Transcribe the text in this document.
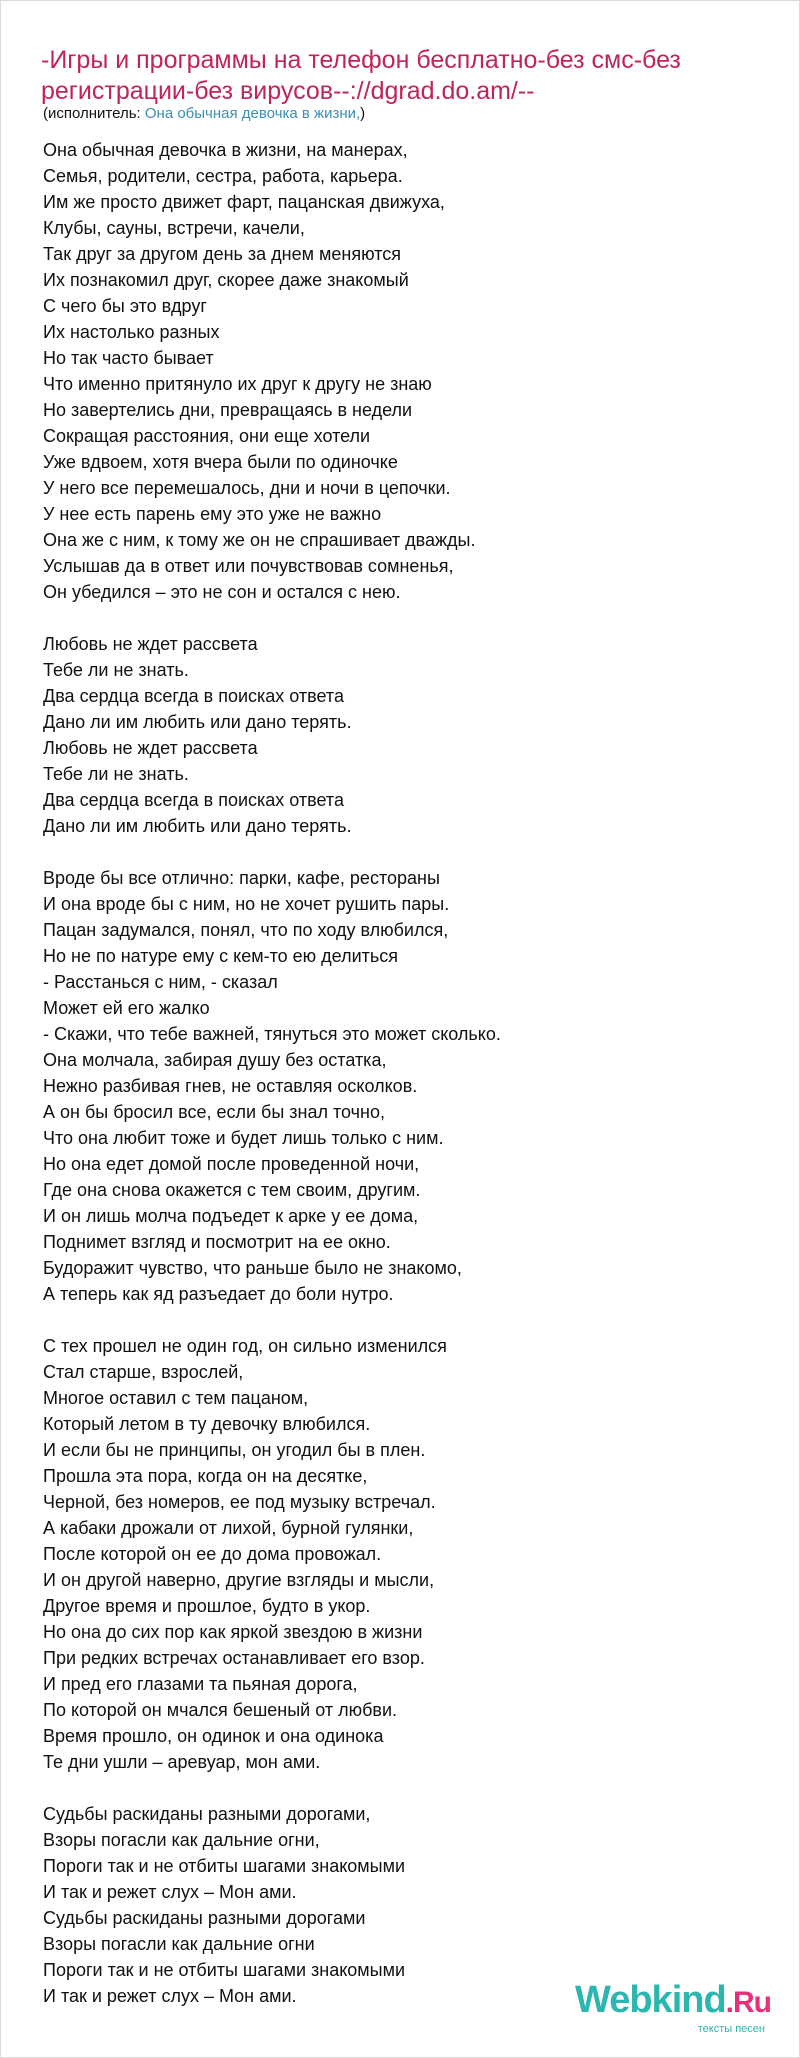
-Игры и программы на телефон бесплатно-без смс-без регистрации-без вирусов--://dgrad.do.am/--
(исполнитель: Она обычная девочка в жизни,)
Она обычная девочка в жизни, на манерах,
Семья, родители, сестра, работа, карьера.
Им же просто движет фарт, пацанская движуха,
Клубы, сауны, встречи, качели,
Так друг за другом день за днем меняются
Их познакомил друг, скорее даже знакомый
С чего бы это вдруг
Их настолько разных
Но так часто бывает
Что именно притянуло их друг к другу не знаю
Но завертелись дни, превращаясь в недели
Сокращая расстояния, они еще хотели
Уже вдвоем, хотя вчера были по одиночке
У него все перемешалось, дни и ночи в цепочки.
У нее есть парень ему это уже не важно
Она же с ним, к тому же он не спрашивает дважды.
Услышав да в ответ или почувствовав сомненья,
Он убедился – это не сон и остался с нею.
Любовь не ждет рассвета
Тебе ли не знать.
Два сердца всегда в поисках ответа
Дано ли им любить или дано терять.
Любовь не ждет рассвета
Тебе ли не знать.
Два сердца всегда в поисках ответа
Дано ли им любить или дано терять.
Вроде бы все отлично: парки, кафе, рестораны
И она вроде бы с ним, но не хочет рушить пары.
Пацан задумался, понял, что по ходу влюбился,
Но не по натуре ему с кем-то ею делиться
- Расстанься с ним, - сказал
Может ей его жалко
- Скажи, что тебе важней, тянуться это может сколько.
Она молчала, забирая душу без остатка,
Нежно разбивая гнев, не оставляя осколков.
А он бы бросил все, если бы знал точно,
Что она любит тоже и будет лишь только с ним.
Но она едет домой после проведенной ночи,
Где она снова окажется с тем своим, другим.
И он лишь молча подъедет к арке у ее дома,
Поднимет взгляд и посмотрит на ее окно.
Будоражит чувство, что раньше было не знакомо,
А теперь как яд разъедает до боли нутро.
С тех прошел не один год, он сильно изменился
Стал старше, взрослей,
Многое оставил с тем пацаном,
Который летом в ту девочку влюбился.
И если бы не принципы, он угодил бы в плен.
Прошла эта пора, когда он на десятке,
Черной, без номеров, ее под музыку встречал.
А кабаки дрожали от лихой, бурной гулянки,
После которой он ее до дома провожал.
И он другой наверно, другие взгляды и мысли,
Другое время и прошлое, будто в укор.
Но она до сих пор как яркой звездою в жизни
При редких встречах останавливает его взор.
И пред его глазами та пьяная дорога,
По которой он мчался бешеный от любви.
Время прошло, он одинок и она одинока
Те дни ушли – аревуар, мон ами.
Судьбы раскиданы разными дорогами,
Взоры погасли как дальние огни,
Пороги так и не отбиты шагами знакомыми
И так и режет слух – Мон ами.
Судьбы раскиданы разными дорогами
Взоры погасли как дальние огни
Пороги так и не отбиты шагами знакомыми
И так и режет слух – Мон ами.	Webkind.Ru
тексты песен
